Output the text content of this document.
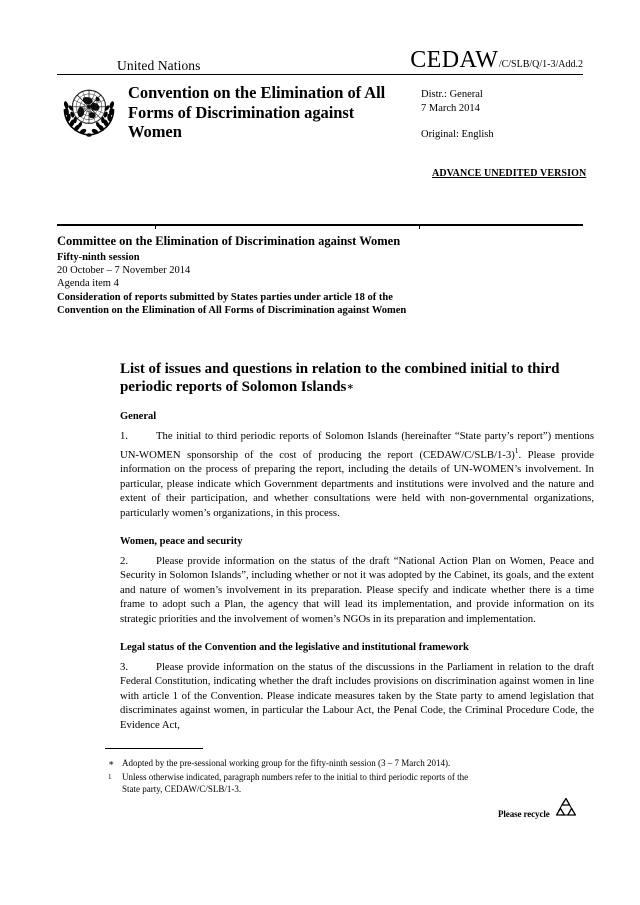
United Nations	CEDAW /C/SLB/Q/1-3/Add.2
Convention on the Elimination of All Forms of Discrimination against Women
Distr.: General
7 March 2014
Original: English
ADVANCE UNEDITED VERSION
Committee on the Elimination of Discrimination against Women
Fifty-ninth session
20 October – 7 November 2014
Agenda item 4
Consideration of reports submitted by States parties under article 18 of the Convention on the Elimination of All Forms of Discrimination against Women
List of issues and questions in relation to the combined initial to third periodic reports of Solomon Islands∗
General

1.	The initial to third periodic reports of Solomon Islands (hereinafter “State party’s report”) mentions UN-WOMEN sponsorship of the cost of producing the report (CEDAW/C/SLB/1-3)$^1$. Please provide information on the process of preparing the report, including the details of UN-WOMEN’s involvement. In particular, please indicate which Government departments and institutions were involved and the nature and extent of their participation, and whether consultations were held with non-governmental organizations, particularly women’s organizations, in this process.

Women, peace and security

2.	Please provide information on the status of the draft “National Action Plan on Women, Peace and Security in Solomon Islands”, including whether or not it was adopted by the Cabinet, its goals, and the extent and nature of women’s involvement in its preparation. Please specify and indicate whether there is a time frame to adopt such a Plan, the agency that will lead its implementation, and provide information on its strategic priorities and the involvement of women’s NGOs in its preparation and implementation.

Legal status of the Convention and the legislative and institutional framework

3.	Please provide information on the status of the discussions in the Parliament in relation to the draft Federal Constitution, indicating whether the draft includes provisions on discrimination against women in line with article 1 of the Convention. Please indicate measures taken by the State party to amend legislation that discriminates against women, in particular the Labour Act, the Penal Code, the Criminal Procedure Code, the Evidence Act,

∗ Adopted by the pre-sessional working group for the fifty-ninth session (3 – 7 March 2014).
1	Unless otherwise indicated, paragraph numbers refer to the initial to third periodic reports of the
State party, CEDAW/C/SLB/1-3.
Please recycle
